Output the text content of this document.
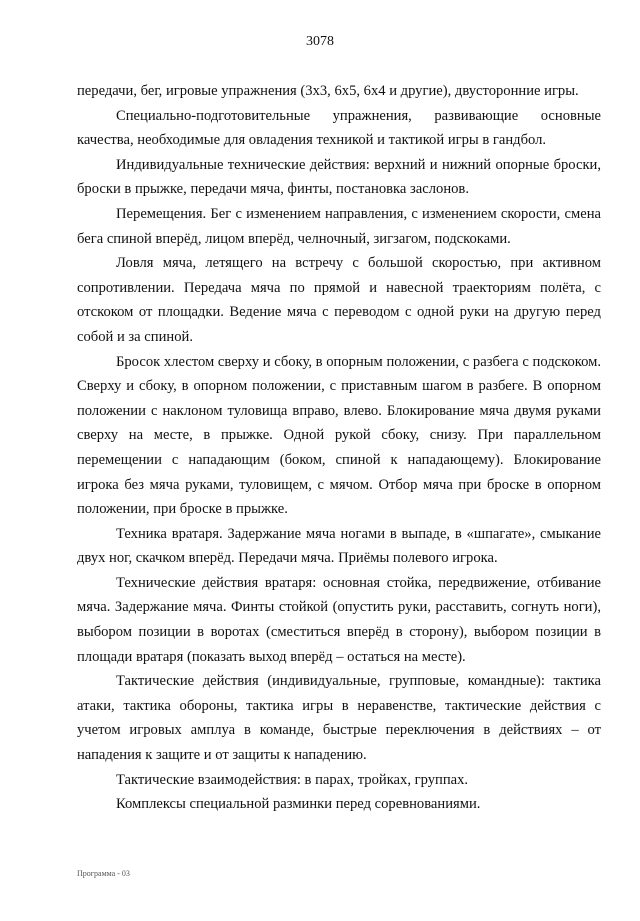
3078

передачи, бег, игровые упражнения (3х3, 6х5, 6х4 и другие), двусторонние игры.

Специально-подготовительные упражнения, развивающие основные качества, необходимые для овладения техникой и тактикой игры в гандбол.

Индивидуальные технические действия: верхний и нижний опорные броски, броски в прыжке, передачи мяча, финты, постановка заслонов.

Перемещения. Бег с изменением направления, с изменением скорости, смена бега спиной вперёд, лицом вперёд, челночный, зигзагом, подскоками.

Ловля мяча, летящего на встречу с большой скоростью, при активном сопротивлении. Передача мяча по прямой и навесной траекториям полёта, с отскоком от площадки. Ведение мяча с переводом с одной руки на другую перед собой и за спиной.

Бросок хлестом сверху и сбоку, в опорным положении, с разбега с подскоком. Сверху и сбоку, в опорном положении, с приставным шагом в разбеге. В опорном положении с наклоном туловища вправо, влево. Блокирование мяча двумя руками сверху на месте, в прыжке. Одной рукой сбоку, снизу. При параллельном перемещении с нападающим (боком, спиной к нападающему). Блокирование игрока без мяча руками, туловищем, с мячом. Отбор мяча при броске в опорном положении, при броске в прыжке.

Техника вратаря. Задержание мяча ногами в выпаде, в «шпагате», смыкание двух ног, скачком вперёд. Передачи мяча. Приёмы полевого игрока.

Технические действия вратаря: основная стойка, передвижение, отбивание мяча. Задержание мяча. Финты стойкой (опустить руки, расставить, согнуть ноги), выбором позиции в воротах (сместиться вперёд в сторону), выбором позиции в площади вратаря (показать выход вперёд – остаться на месте).

Тактические действия (индивидуальные, групповые, командные): тактика атаки, тактика обороны, тактика игры в неравенстве, тактические действия с учетом игровых амплуа в команде, быстрые переключения в действиях – от нападения к защите и от защиты к нападению.

Тактические взаимодействия: в парах, тройках, группах.

Комплексы специальной разминки перед соревнованиями.

Программа - 03
